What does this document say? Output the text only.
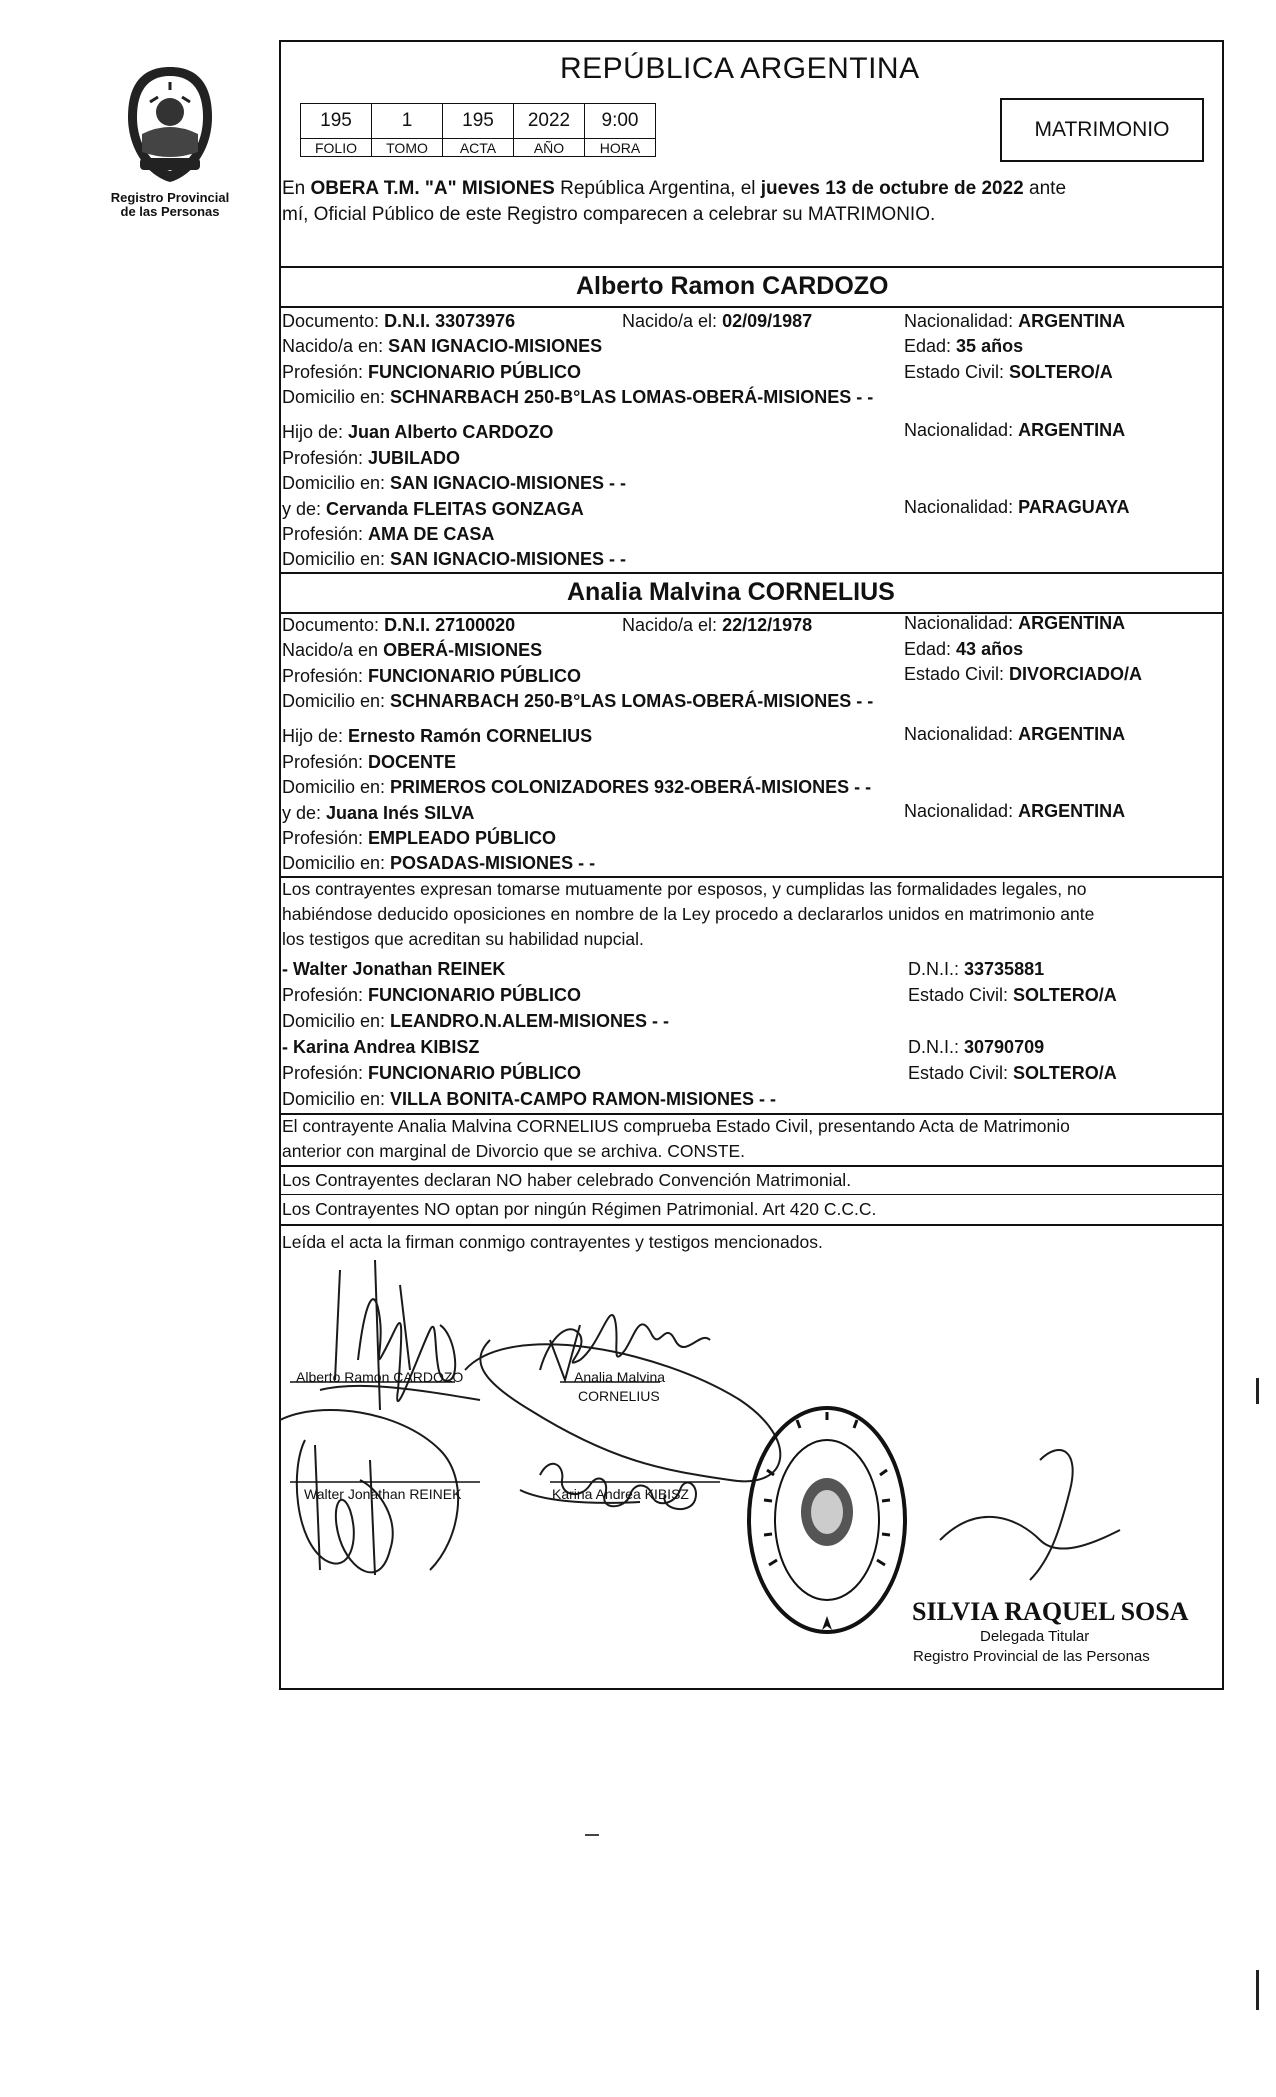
Registro Provincial
de las Personas
REPÚBLICA ARGENTINA
195	1	195	2022	9:00
FOLIO	TOMO	ACTA	AÑO	HORA
MATRIMONIO
En OBERA T.M. "A" MISIONES República Argentina, el jueves 13 de octubre de 2022 ante
mí, Oficial Público de este Registro comparecen a celebrar su MATRIMONIO.
Alberto Ramon CARDOZO
Documento: D.N.I. 33073976	Nacido/a el: 02/09/1987	Nacionalidad: ARGENTINA
Nacido/a en: SAN IGNACIO-MISIONES	Edad: 35 años
Profesión: FUNCIONARIO PÚBLICO	Estado Civil: SOLTERO/A
Domicilio en: SCHNARBACH 250-B°LAS LOMAS-OBERÁ-MISIONES - -
Hijo de: Juan Alberto CARDOZO	Nacionalidad: ARGENTINA
Profesión: JUBILADO
Domicilio en: SAN IGNACIO-MISIONES - -
y de: Cervanda FLEITAS GONZAGA	Nacionalidad: PARAGUAYA
Profesión: AMA DE CASA
Domicilio en: SAN IGNACIO-MISIONES - -
Analia Malvina CORNELIUS
Documento: D.N.I. 27100020	Nacido/a el: 22/12/1978	Nacionalidad: ARGENTINA
Nacido/a en OBERÁ-MISIONES	Edad: 43 años
Profesión: FUNCIONARIO PÚBLICO	Estado Civil: DIVORCIADO/A
Domicilio en: SCHNARBACH 250-B°LAS LOMAS-OBERÁ-MISIONES - -
Hijo de: Ernesto Ramón CORNELIUS	Nacionalidad: ARGENTINA
Profesión: DOCENTE
Domicilio en: PRIMEROS COLONIZADORES 932-OBERÁ-MISIONES - -
y de: Juana Inés SILVA	Nacionalidad: ARGENTINA
Profesión: EMPLEADO PÚBLICO
Domicilio en: POSADAS-MISIONES - -
Los contrayentes expresan tomarse mutuamente por esposos, y cumplidas las formalidades legales, no
habiéndose deducido oposiciones en nombre de la Ley procedo a declararlos unidos en matrimonio ante
los testigos que acreditan su habilidad nupcial.
- Walter Jonathan REINEK	D.N.I.: 33735881
Profesión: FUNCIONARIO PÚBLICO	Estado Civil: SOLTERO/A
Domicilio en: LEANDRO.N.ALEM-MISIONES - -
- Karina Andrea KIBISZ	D.N.I.: 30790709
Profesión: FUNCIONARIO PÚBLICO	Estado Civil: SOLTERO/A
Domicilio en: VILLA BONITA-CAMPO RAMON-MISIONES - -
El contrayente Analia Malvina CORNELIUS comprueba Estado Civil, presentando Acta de Matrimonio
anterior con marginal de Divorcio que se archiva. CONSTE.
Los Contrayentes declaran NO haber celebrado Convención Matrimonial.
Los Contrayentes NO optan por ningún Régimen Patrimonial. Art 420 C.C.C.
Leída el acta la firman conmigo contrayentes y testigos mencionados.
Alberto Ramon CARDOZO	Analia Malvina
CORNELIUS
Walter Jonathan REINEK	Karina Andrea KIBISZ
SILVIA RAQUEL SOSA
Delegada Titular
Registro Provincial de las Personas
